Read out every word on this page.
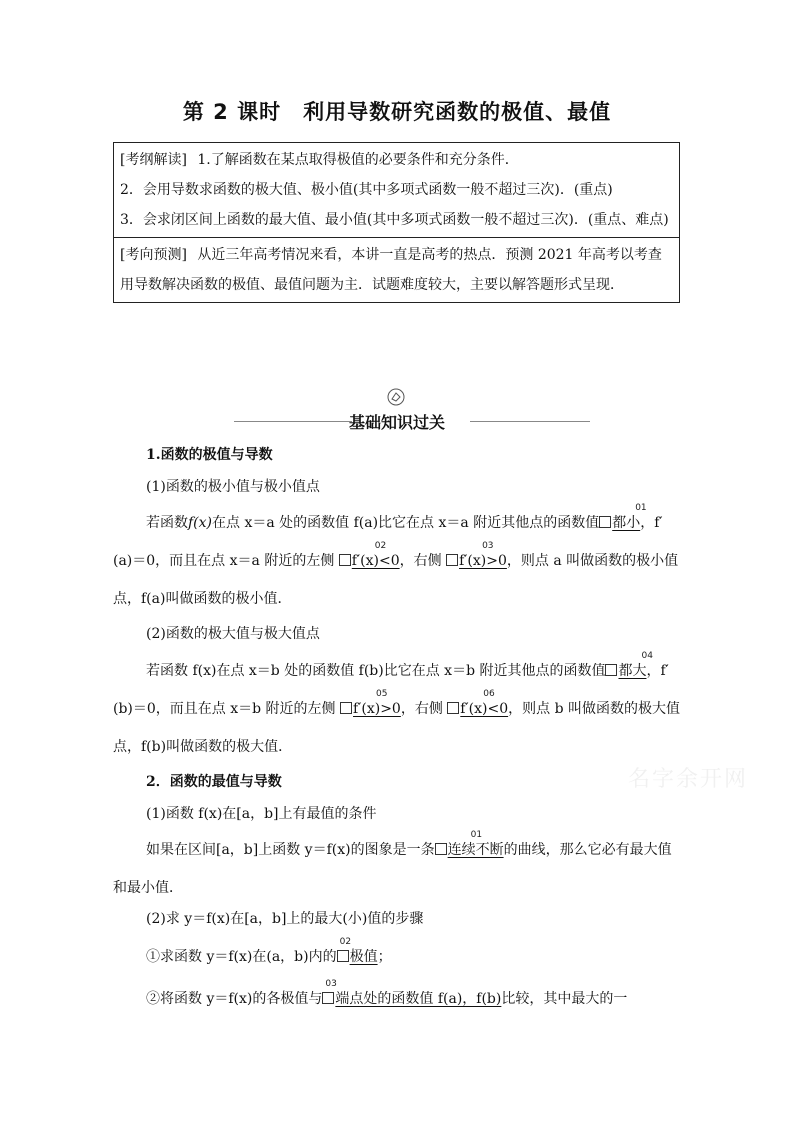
第 2 课时　利用导数研究函数的极值、最值
[考纲解读] 1.了解函数在某点取得极值的必要条件和充分条件．
2．会用导数求函数的极大值、极小值(其中多项式函数一般不超过三次)．(重点)
3．会求闭区间上函数的最大值、最小值(其中多项式函数一般不超过三次)．(重点、难点)
[考向预测] 从近三年高考情况来看，本讲一直是高考的热点．预测 2021 年高考以考查用导数解决函数的极值、最值问题为主．试题难度较大，主要以解答题形式呈现．
基础知识过关
1.函数的极值与导数
(1)函数的极小值与极小值点
若函数f(x)在点 x＝a 处的函数值 f(a)比它在点 x＝a 附近其他点的函数值
01
都小，f′(a)＝0，而且在点 x＝a 附近的左侧
02
f′(x)<0，右侧
03
f′(x)>0，则点 a 叫做函数的极小值点，f(a)叫做函数的极小值．
(2)函数的极大值与极大值点
若函数 f(x)在点 x＝b 处的函数值 f(b)比它在点 x＝b 附近其他点的函数值
04
都大，f′(b)＝0，而且在点 x＝b 附近的左侧
05
f′(x)>0，右侧
06
f′(x)<0，则点 b 叫做函数的极大值点，f(b)叫做函数的极大值．
名字余开网
2．函数的最值与导数
(1)函数 f(x)在[a，b]上有最值的条件
如果在区间[a，b]上函数 y＝f(x)的图象是一条
01
连续不断的曲线，那么它必有最大值和最小值．
(2)求 y＝f(x)在[a，b]上的最大(小)值的步骤
①求函数 y＝f(x)在(a，b)内的
02
极值；
②将函数 y＝f(x)的各极值与
03
端点处的函数值 f(a)，f(b)比较，其中最大的一
